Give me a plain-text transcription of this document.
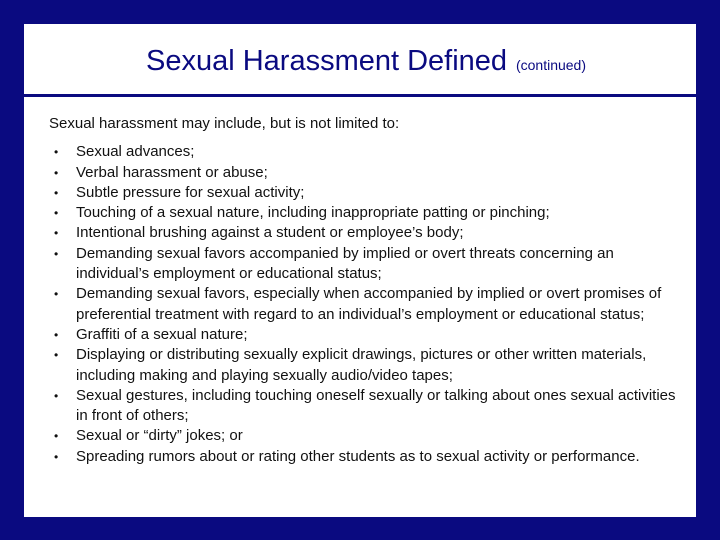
Sexual Harassment Defined (continued)

Sexual harassment may include, but is not limited to:

•	Sexual advances;
•	Verbal harassment or abuse;
•	Subtle pressure for sexual activity;
•	Touching of a sexual nature, including inappropriate patting or pinching;
•	Intentional brushing against a student or employee’s body;
•	Demanding sexual favors accompanied by implied or overt threats concerning an individual’s employment or educational status;
•	Demanding sexual favors, especially when accompanied by implied or overt promises of preferential treatment with regard to an individual’s employment or educational status;
•	Graffiti of a sexual nature;
•	Displaying or distributing sexually explicit drawings, pictures or other written materials, including making and playing sexually audio/video tapes;
•	Sexual gestures, including touching oneself sexually or talking about ones sexual activities in front of others;
•	Sexual or “dirty” jokes; or
•	Spreading rumors about or rating other students as to sexual activity or performance.
